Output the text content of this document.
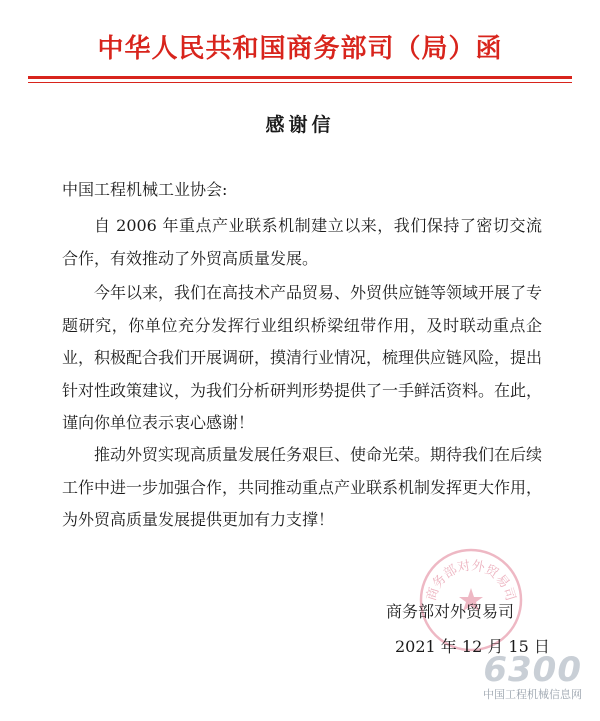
中华人民共和国商务部司（局）函
感谢信
中国工程机械工业协会:

自 2006 年重点产业联系机制建立以来，我们保持了密切交流合作，有效推动了外贸高质量发展。

今年以来，我们在高技术产品贸易、外贸供应链等领域开展了专题研究，你单位充分发挥行业组织桥梁纽带作用，及时联动重点企业，积极配合我们开展调研，摸清行业情况，梳理供应链风险，提出针对性政策建议，为我们分析研判形势提供了一手鲜活资料。在此，谨向你单位表示衷心感谢！

推动外贸实现高质量发展任务艰巨、使命光荣。期待我们在后续工作中进一步加强合作，共同推动重点产业联系机制发挥更大作用，为外贸高质量发展提供更加有力支撑！

商务部对外贸易司
商务部对外贸易司
2021 年 12 月 15 日
6300
中国工程机械信息网
